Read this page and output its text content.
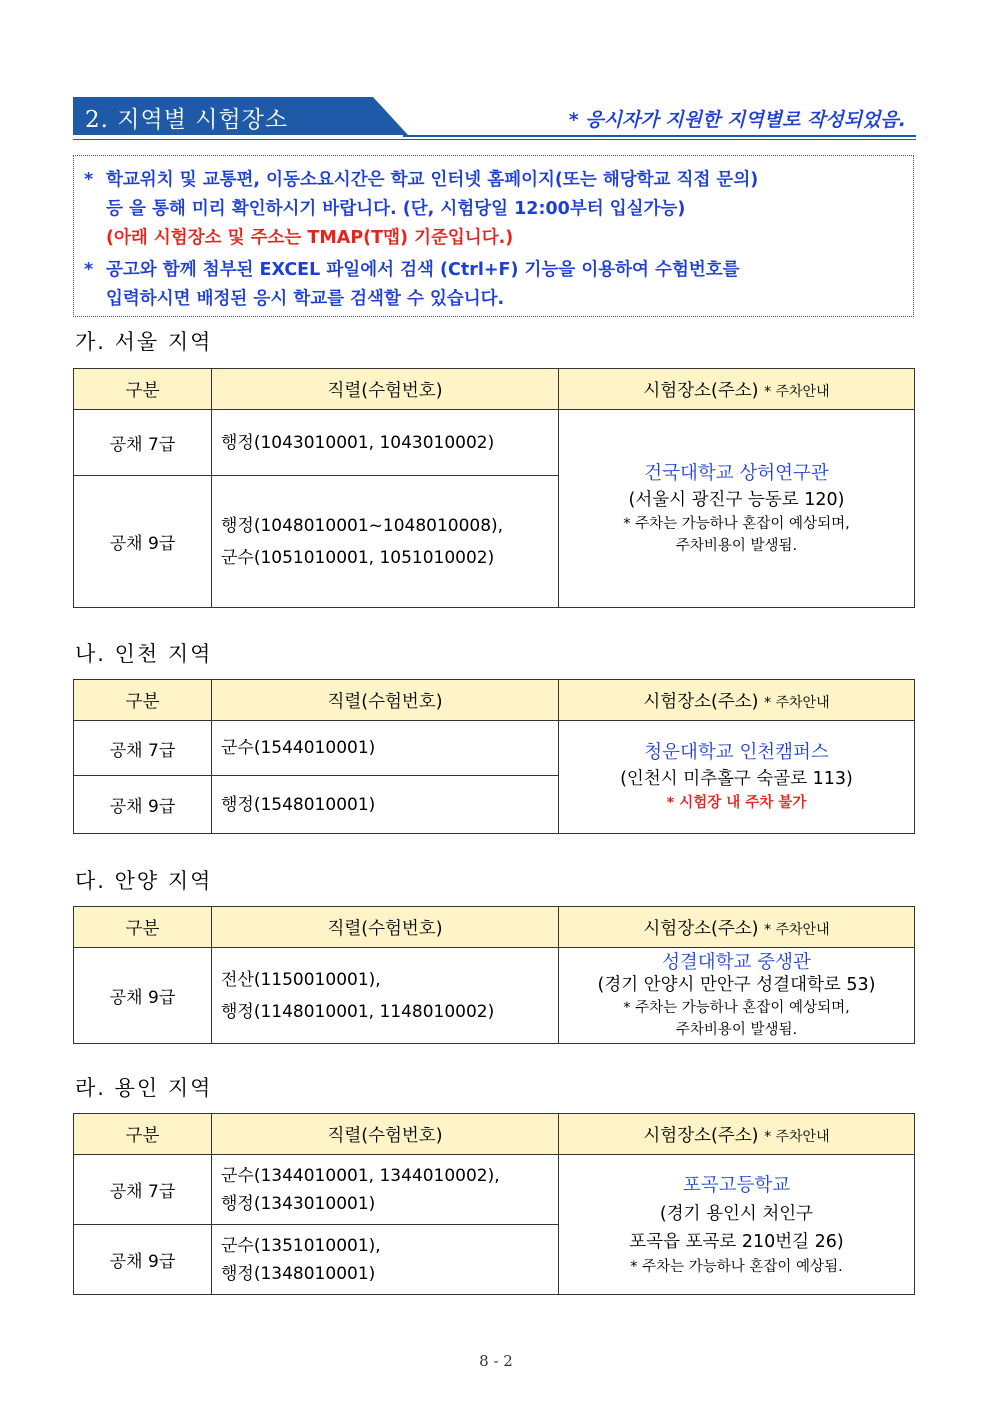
2. 지역별 시험장소	* 응시자가 지원한 지역별로 작성되었음.
* 학교위치 및 교통편, 이동소요시간은 학교 인터넷 홈페이지(또는 해당학교 직접 문의)
등 을 통해 미리 확인하시기 바랍니다. (단, 시험당일 12:00부터 입실가능)
(아래 시험장소 및 주소는 TMAP(T맵) 기준입니다.)
* 공고와 함께 첨부된 EXCEL 파일에서 검색 (Ctrl+F) 기능을 이용하여 수험번호를
입력하시면 배정된 응시 학교를 검색할 수 있습니다.
가. 서울 지역
구분	직렬(수험번호)	시험장소(주소) * 주차안내
공채 7급	행정(1043010001, 1043010002)	건국대학교 상허연구관
(서울시 광진구 능동로 120)
* 주차는 가능하나 혼잡이 예상되며,
주차비용이 발생됨.

공채 9급	행정(1048010001~1048010008),
군수(1051010001, 1051010002)	
나. 인천 지역
구분	직렬(수험번호)	시험장소(주소) * 주차안내
공채 7급	군수(1544010001)	청운대학교 인천캠퍼스
(인천시 미추홀구 숙골로 113)
* 시험장 내 주차 불가

공채 9급	행정(1548010001)	
다. 안양 지역
구분	직렬(수험번호)	시험장소(주소) * 주차안내
공채 9급	전산(1150010001),
행정(1148010001, 1148010002)	성결대학교 중생관
(경기 안양시 만안구 성결대학로 53)
* 주차는 가능하나 혼잡이 예상되며,
주차비용이 발생됨.
라. 용인 지역
구분	직렬(수험번호)	시험장소(주소) * 주차안내
공채 7급	군수(1344010001, 1344010002),
행정(1343010001)	포곡고등학교
(경기 용인시 처인구
포곡읍 포곡로 210번길 26)
* 주차는 가능하나 혼잡이 예상됨.

공채 9급	군수(1351010001),
행정(1348010001)	
8 - 2
